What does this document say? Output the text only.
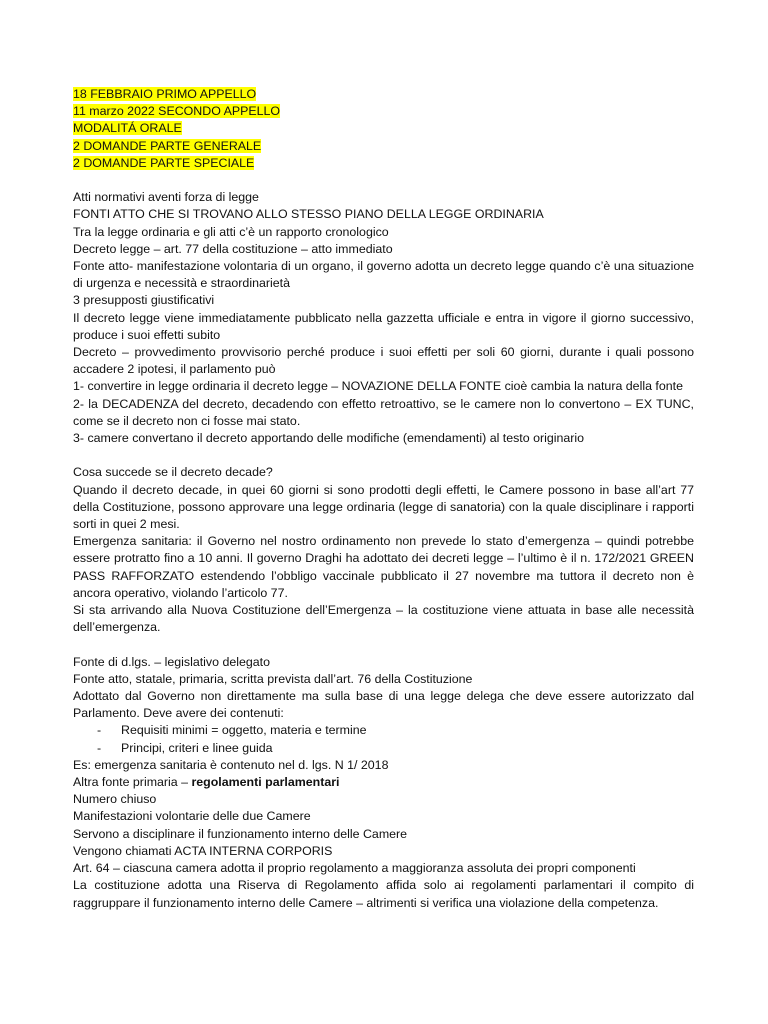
18 FEBBRAIO PRIMO APPELLO
11 marzo 2022 SECONDO APPELLO
MODALITÁ ORALE
2 DOMANDE PARTE GENERALE
2 DOMANDE PARTE SPECIALE
Atti normativi aventi forza di legge
FONTI ATTO CHE SI TROVANO ALLO STESSO PIANO DELLA LEGGE ORDINARIA
Tra la legge ordinaria e gli atti c’è un rapporto cronologico
Decreto legge – art. 77 della costituzione – atto immediato
Fonte atto- manifestazione volontaria di un organo, il governo adotta un decreto legge quando c’è una situazione di urgenza e necessità e straordinarietà
3 presupposti giustificativi
Il decreto legge viene immediatamente pubblicato nella gazzetta ufficiale e entra in vigore il giorno successivo, produce i suoi effetti subito
Decreto – provvedimento provvisorio perché produce i suoi effetti per soli 60 giorni, durante i quali possono accadere 2 ipotesi, il parlamento può
1- convertire in legge ordinaria il decreto legge – NOVAZIONE DELLA FONTE cioè cambia la natura della fonte
2- la DECADENZA del decreto, decadendo con effetto retroattivo, se le camere non lo convertono – EX TUNC, come se il decreto non ci fosse mai stato.
3- camere convertano il decreto apportando delle modifiche (emendamenti) al testo originario
Cosa succede se il decreto decade?
Quando il decreto decade, in quei 60 giorni si sono prodotti degli effetti, le Camere possono in base all’art 77 della Costituzione, possono approvare una legge ordinaria (legge di sanatoria) con la quale disciplinare i rapporti sorti in quei 2 mesi.
Emergenza sanitaria: il Governo nel nostro ordinamento non prevede lo stato d’emergenza – quindi potrebbe essere protratto fino a 10 anni. Il governo Draghi ha adottato dei decreti legge – l’ultimo è il n. 172/2021 GREEN PASS RAFFORZATO estendendo l’obbligo vaccinale pubblicato il 27 novembre ma tuttora il decreto non è ancora operativo, violando l’articolo 77.
Si sta arrivando alla Nuova Costituzione dell’Emergenza – la costituzione viene attuata in base alle necessità dell’emergenza.
Fonte di d.lgs. – legislativo delegato
Fonte atto, statale, primaria, scritta prevista dall’art. 76 della Costituzione
Adottato dal Governo non direttamente ma sulla base di una legge delega che deve essere autorizzato dal Parlamento. Deve avere dei contenuti:
- Requisiti minimi = oggetto, materia e termine
- Principi, criteri e linee guida
Es: emergenza sanitaria è contenuto nel d. lgs. N 1/ 2018
Altra fonte primaria – regolamenti parlamentari
Numero chiuso
Manifestazioni volontarie delle due Camere
Servono a disciplinare il funzionamento interno delle Camere
Vengono chiamati ACTA INTERNA CORPORIS
Art. 64 – ciascuna camera adotta il proprio regolamento a maggioranza assoluta dei propri componenti
La costituzione adotta una Riserva di Regolamento affida solo ai regolamenti parlamentari il compito di raggruppare il funzionamento interno delle Camere – altrimenti si verifica una violazione della competenza.
